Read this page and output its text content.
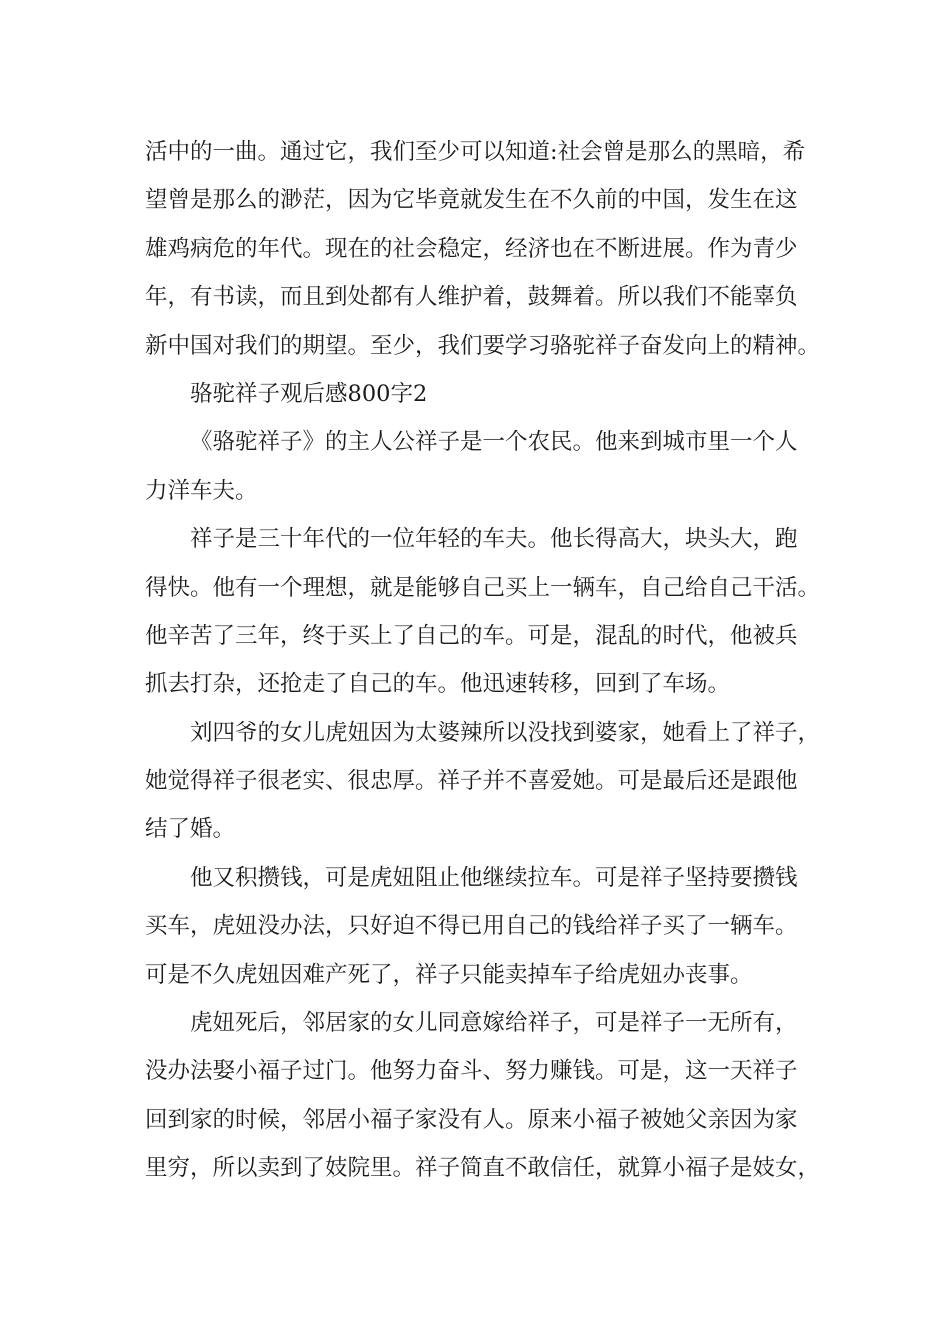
活中的一曲。通过它，我们至少可以知道:社会曾是那么的黑暗，希
望曾是那么的渺茫，因为它毕竟就发生在不久前的中国，发生在这
雄鸡病危的年代。现在的社会稳定，经济也在不断进展。作为青少
年，有书读，而且到处都有人维护着，鼓舞着。所以我们不能辜负
新中国对我们的期望。至少，我们要学习骆驼祥子奋发向上的精神。
骆驼祥子观后感800字2
《骆驼祥子》的主人公祥子是一个农民。他来到城市里一个人
力洋车夫。
祥子是三十年代的一位年轻的车夫。他长得高大，块头大，跑
得快。他有一个理想，就是能够自己买上一辆车，自己给自己干活。
他辛苦了三年，终于买上了自己的车。可是，混乱的时代，他被兵
抓去打杂，还抢走了自己的车。他迅速转移，回到了车场。
刘四爷的女儿虎妞因为太婆辣所以没找到婆家，她看上了祥子，
她觉得祥子很老实、很忠厚。祥子并不喜爱她。可是最后还是跟他
结了婚。
他又积攒钱，可是虎妞阻止他继续拉车。可是祥子坚持要攒钱
买车，虎妞没办法，只好迫不得已用自己的钱给祥子买了一辆车。
可是不久虎妞因难产死了，祥子只能卖掉车子给虎妞办丧事。
虎妞死后，邻居家的女儿同意嫁给祥子，可是祥子一无所有，
没办法娶小福子过门。他努力奋斗、努力赚钱。可是，这一天祥子
回到家的时候，邻居小福子家没有人。原来小福子被她父亲因为家
里穷，所以卖到了妓院里。祥子简直不敢信任，就算小福子是妓女，
